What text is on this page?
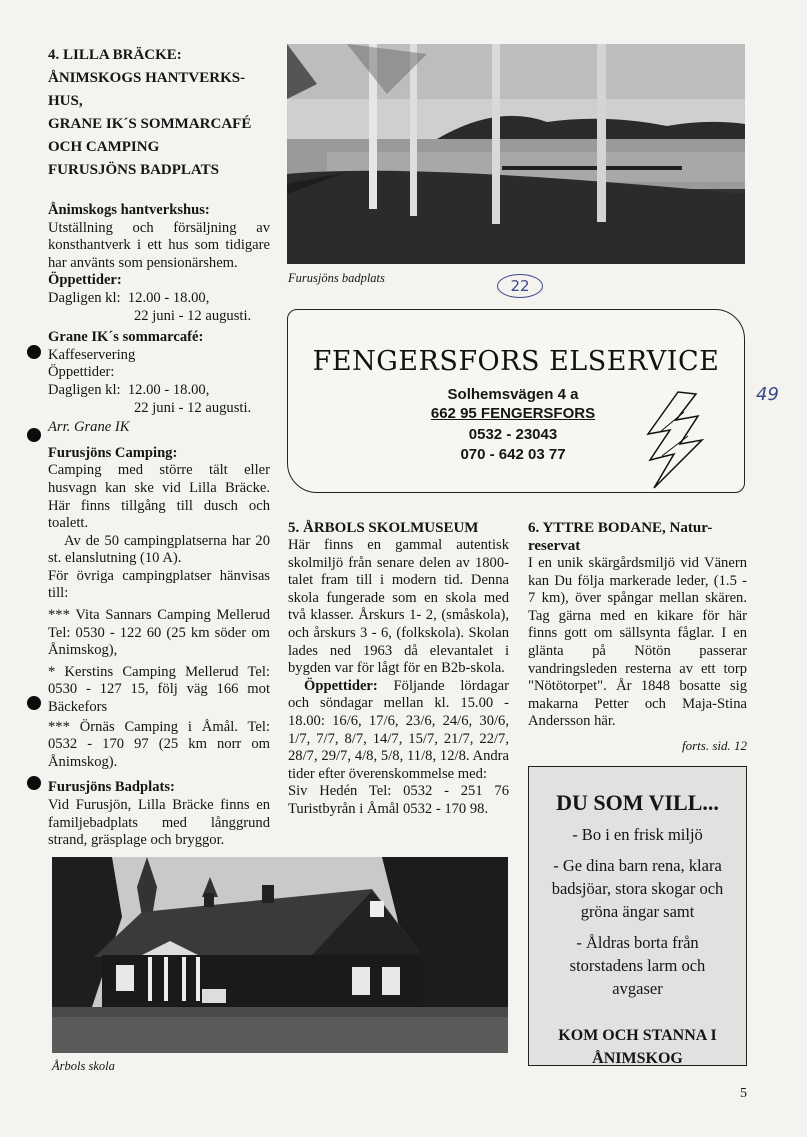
4. LILLA BRÄCKE:

ÅNIMSKOGS HANTVERKS-

HUS,

GRANE IK´S SOMMARCAFÉ

OCH CAMPING

FURUSJÖNS BADPLATS

Ånimskogs hantverkshus:

Utställning och försäljning av konsthantverk i ett hus som tidigare har använts som pensionärshem.

Öppettider:

Dagligen kl: 12.00 - 18.00,

22 juni - 12 augusti.

Grane IK´s sommarcafé:

Kaffeservering

Öppettider:

Dagligen kl: 12.00 - 18.00,

22 juni - 12 augusti.

Arr. Grane IK

Furusjöns Camping:

Camping med större tält eller husvagn kan ske vid Lilla Bräcke. Här finns tillgång till dusch och toalett.

Av de 50 campingplatserna har 20 st. elanslutning (10 A).

För övriga campingplatser hänvisas till:

*** Vita Sannars Camping Mellerud Tel: 0530 - 122 60 (25 km söder om Ånimskog),

* Kerstins Camping Mellerud Tel: 0530 - 127 15, följ väg 166 mot Bäckefors

*** Örnäs Camping i Åmål. Tel: 0532 - 170 97 (25 km norr om Ånimskog).

Furusjöns Badplats:

Vid Furusjön, Lilla Bräcke finns en familjebadplats med långgrund strand, gräsplage och bryggor.

Furusjöns badplats	22
49
FENGERSFORS ELSERVICE
Solhemsvägen 4 a
662 95 FENGERSFORS
0532 - 23043
070 - 642 03 77

5. ÅRBOLS SKOLMUSEUM

Här finns en gammal autentisk skolmiljö från senare delen av 1800-talet fram till i modern tid. Denna skola fungerade som en skola med två klasser. Årskurs 1- 2, (småskola), och årskurs 3 - 6, (folkskola). Skolan lades ned 1963 då elevantalet i bygden var för lågt för en B2b-skola.

Öppettider: Följande lördagar och söndagar mellan kl. 15.00 - 18.00: 16/6, 17/6, 23/6, 24/6, 30/6, 1/7, 7/7, 8/7, 14/7, 15/7, 21/7, 22/7, 28/7, 29/7, 4/8, 5/8, 11/8, 12/8. Andra tider efter överenskommelse med:

Siv Hedén Tel: 0532 - 251 76 Turistbyrån i Åmål 0532 - 170 98.

6. YTTRE BODANE, Natur-

reservat

I en unik skärgårdsmiljö vid Vänern kan Du följa markerade leder, (1.5 - 7 km), över spångar mellan skären. Tag gärna med en kikare för här finns gott om sällsynta fåglar. I en glänta på Nötön passerar vandringsleden resterna av ett torp "Nötötorpet". År 1848 bosatte sig makarna Petter och Maja-Stina Andersson här.

forts. sid. 12

DU SOM VILL...
- Bo i en frisk miljö
- Ge dina barn rena, klara badsjöar, stora skogar och gröna ängar samt
- Åldras borta från storstadens larm och avgaser
KOM OCH STANNA I ÅNIMSKOG
Årbols skola
5
